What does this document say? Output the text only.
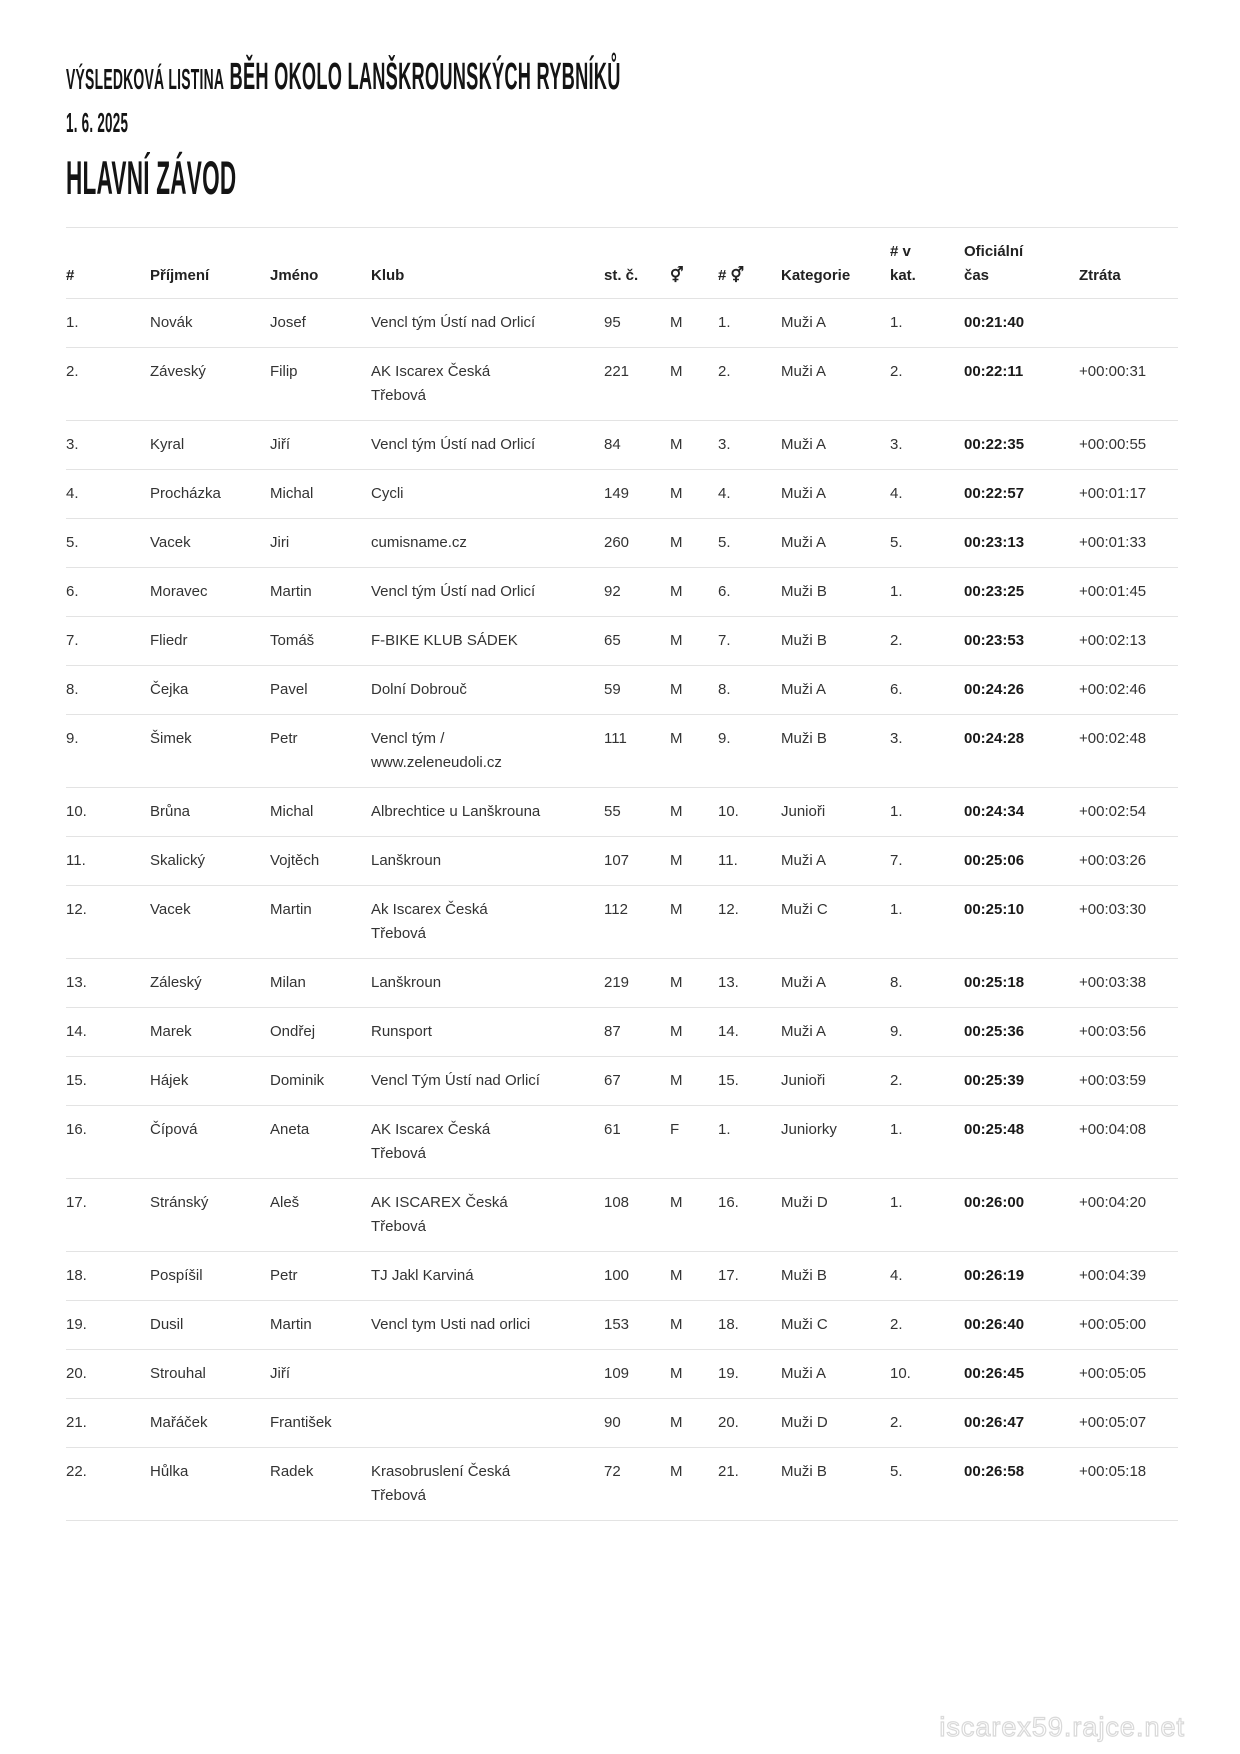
VÝSLEDKOVÁ LISTINA BĚH OKOLO LANŠKROUNSKÝCH RYBNÍKŮ
1. 6. 2025
HLAVNÍ ZÁVOD
#	Příjmení	Jméno	Klub	st. č.	⚥	# ⚥	Kategorie	# v kat.	Oficiální čas	Ztráta
1.	Novák	Josef	Vencl tým Ústí nad Orlicí	95	M	1.	Muži A	1.	00:21:40	
2.	Záveský	Filip	AK Iscarex Česká Třebová	221	M	2.	Muži A	2.	00:22:11	+00:00:31
3.	Kyral	Jiří	Vencl tým Ústí nad Orlicí	84	M	3.	Muži A	3.	00:22:35	+00:00:55
4.	Procházka	Michal	Cycli	149	M	4.	Muži A	4.	00:22:57	+00:01:17
5.	Vacek	Jiri	cumisname.cz	260	M	5.	Muži A	5.	00:23:13	+00:01:33
6.	Moravec	Martin	Vencl tým Ústí nad Orlicí	92	M	6.	Muži B	1.	00:23:25	+00:01:45
7.	Fliedr	Tomáš	F-BIKE KLUB SÁDEK	65	M	7.	Muži B	2.	00:23:53	+00:02:13
8.	Čejka	Pavel	Dolní Dobrouč	59	M	8.	Muži A	6.	00:24:26	+00:02:46
9.	Šimek	Petr	Vencl tým / www.zeleneudoli.cz	111	M	9.	Muži B	3.	00:24:28	+00:02:48
10.	Brůna	Michal	Albrechtice u Lanškrouna	55	M	10.	Junioři	1.	00:24:34	+00:02:54
11.	Skalický	Vojtěch	Lanškroun	107	M	11.	Muži A	7.	00:25:06	+00:03:26
12.	Vacek	Martin	Ak Iscarex Česká Třebová	112	M	12.	Muži C	1.	00:25:10	+00:03:30
13.	Záleský	Milan	Lanškroun	219	M	13.	Muži A	8.	00:25:18	+00:03:38
14.	Marek	Ondřej	Runsport	87	M	14.	Muži A	9.	00:25:36	+00:03:56
15.	Hájek	Dominik	Vencl Tým Ústí nad Orlicí	67	M	15.	Junioři	2.	00:25:39	+00:03:59
16.	Čípová	Aneta	AK Iscarex Česká Třebová	61	F	1.	Juniorky	1.	00:25:48	+00:04:08
17.	Stránský	Aleš	AK ISCAREX Česká Třebová	108	M	16.	Muži D	1.	00:26:00	+00:04:20
18.	Pospíšil	Petr	TJ Jakl Karviná	100	M	17.	Muži B	4.	00:26:19	+00:04:39
19.	Dusil	Martin	Vencl tym Usti nad orlici	153	M	18.	Muži C	2.	00:26:40	+00:05:00
20.	Strouhal	Jiří		109	M	19.	Muži A	10.	00:26:45	+00:05:05
21.	Mařáček	František		90	M	20.	Muži D	2.	00:26:47	+00:05:07
22.	Hůlka	Radek	Krasobruslení Česká Třebová	72	M	21.	Muži B	5.	00:26:58	+00:05:18
iscarex59.rajce.net
